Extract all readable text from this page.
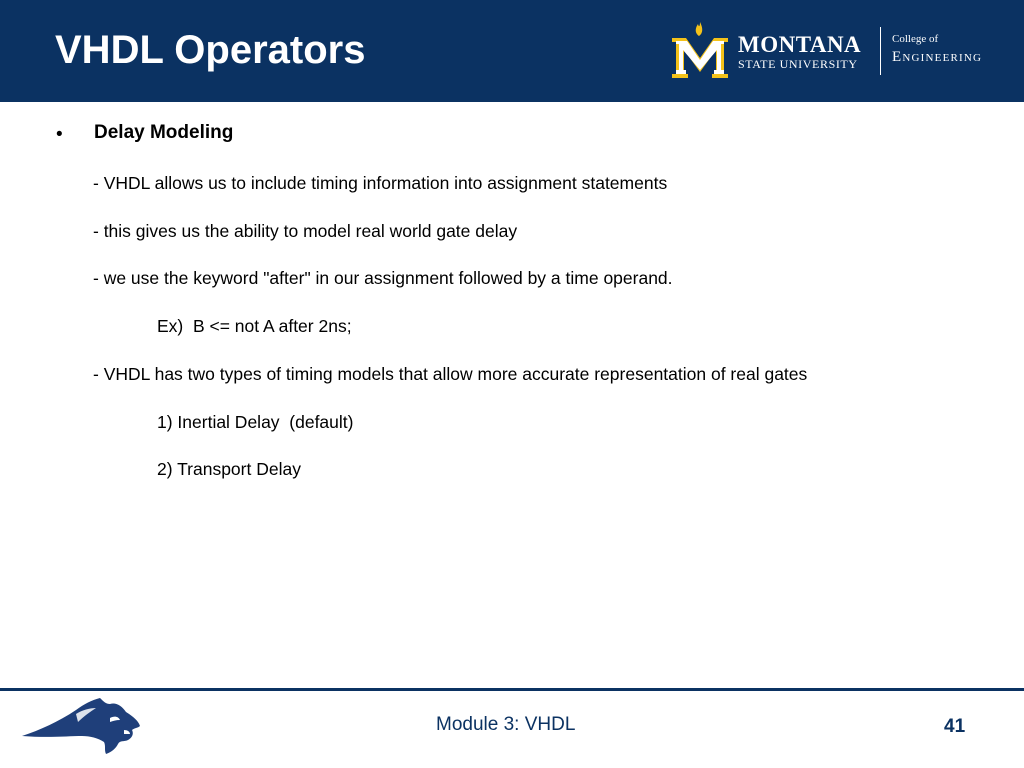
VHDL Operators	MONTANA
STATE UNIVERSITY
College of
Engineering
• Delay Modeling
- VHDL allows us to include timing information into assignment statements
- this gives us the ability to model real world gate delay
- we use the keyword "after" in our assignment followed by a time operand.
Ex)  B <= not A after 2ns;
- VHDL has two types of timing models that allow more accurate representation of real gates
1) Inertial Delay  (default)
2) Transport Delay
Module 3: VHDL	41
